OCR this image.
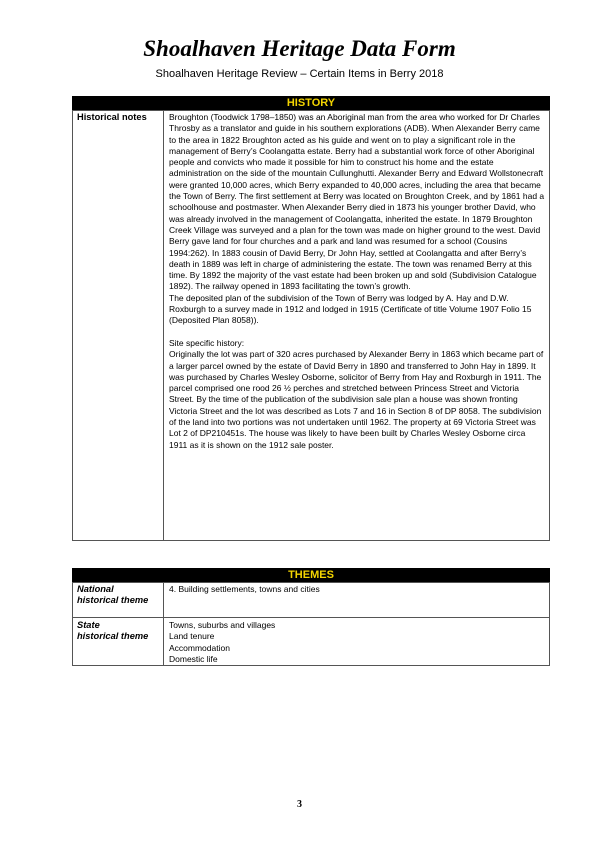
Shoalhaven Heritage Data Form
Shoalhaven Heritage Review – Certain Items in Berry 2018
HISTORY
Historical notes	Broughton (Toodwick 1798–1850) was an Aboriginal man from the area who worked for Dr Charles Throsby as a translator and guide in his southern explorations (ADB). When Alexander Berry came to the area in 1822 Broughton acted as his guide and went on to play a significant role in the management of Berry’s Coolangatta estate. Berry had a substantial work force of other Aboriginal people and convicts who made it possible for him to construct his home and the estate administration on the side of the mountain Cullunghutti. Alexander Berry and Edward Wollstonecraft were granted 10,000 acres, which Berry expanded to 40,000 acres, including the area that became the Town of Berry. The first settlement at Berry was located on Broughton Creek, and by 1861 had a schoolhouse and postmaster. When Alexander Berry died in 1873 his younger brother David, who was already involved in the management of Coolangatta, inherited the estate. In 1879 Broughton Creek Village was surveyed and a plan for the town was made on higher ground to the west. David Berry gave land for four churches and a park and land was resumed for a school (Cousins 1994:262). In 1883 cousin of David Berry, Dr John Hay, settled at Coolangatta and after Berry’s death in 1889 was left in charge of administering the estate. The town was renamed Berry at this time. By 1892 the majority of the vast estate had been broken up and sold (Subdivision Catalogue 1892). The railway opened in 1893 facilitating the town’s growth.

The deposited plan of the subdivision of the Town of Berry was lodged by A. Hay and D.W. Roxburgh to a survey made in 1912 and lodged in 1915 (Certificate of title Volume 1907 Folio 15 (Deposited Plan 8058)).

Site specific history:

Originally the lot was part of 320 acres purchased by Alexander Berry in 1863 which became part of a larger parcel owned by the estate of David Berry in 1890 and transferred to John Hay in 1899. It was purchased by Charles Wesley Osborne, solicitor of Berry from Hay and Roxburgh in 1911. The parcel comprised one rood 26 ½ perches and stretched between Princess Street and Victoria Street. By the time of the publication of the subdivision sale plan a house was shown fronting Victoria Street and the lot was described as Lots 7 and 16 in Section 8 of DP 8058. The subdivision of the land into two portions was not undertaken until 1962. The property at 69 Victoria Street was Lot 2 of DP210451s. The house was likely to have been built by Charles Wesley Osborne circa 1911 as it is shown on the 1912 sale poster.

THEMES
National
historical theme
4. Building settlements, towns and cities
State
historical theme
Towns, suburbs and villages
Land tenure
Accommodation
Domestic life
3
